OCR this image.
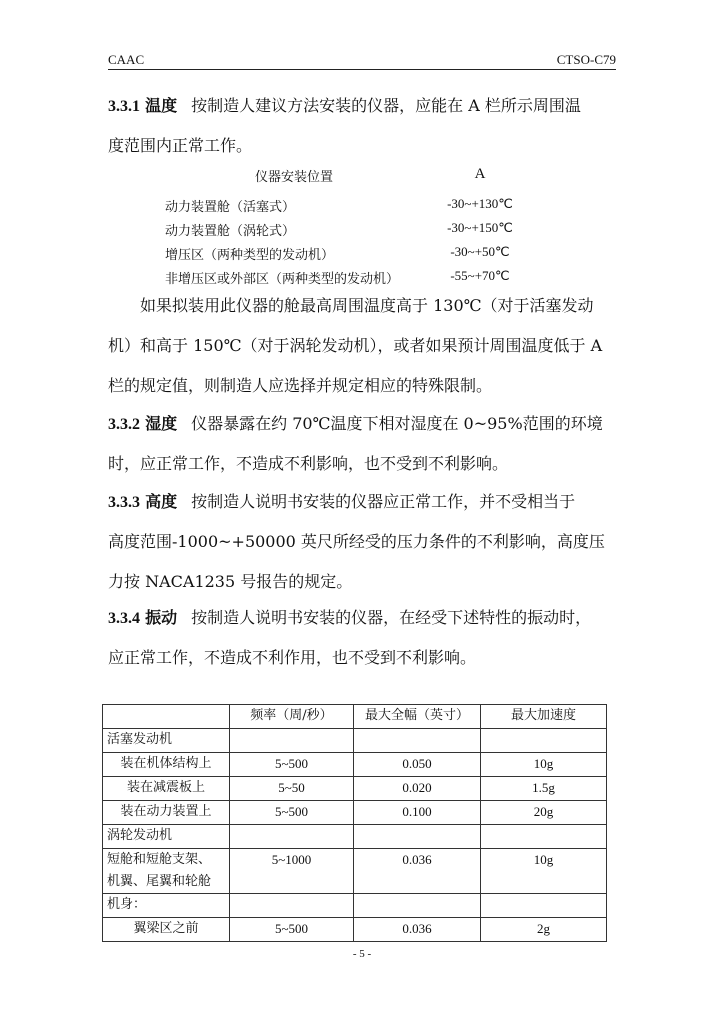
CAAC	CTSO-C79
3.3.1 温度 按制造人建议方法安装的仪器，应能在 A 栏所示周围温
度范围内正常工作。
仪器安装位置	A
动力装置舱（活塞式）	-30~+130℃
动力装置舱（涡轮式）	-30~+150℃
增压区（两种类型的发动机）	-30~+50℃
非增压区或外部区（两种类型的发动机）	-55~+70℃
如果拟装用此仪器的舱最高周围温度高于 130℃（对于活塞发动
机）和高于 150℃（对于涡轮发动机），或者如果预计周围温度低于 A
栏的规定值，则制造人应选择并规定相应的特殊限制。
3.3.2 湿度 仪器暴露在约 70℃温度下相对湿度在 0~95%范围的环境
时，应正常工作，不造成不利影响，也不受到不利影响。
3.3.3 高度 按制造人说明书安装的仪器应正常工作，并不受相当于
高度范围-1000~+50000 英尺所经受的压力条件的不利影响，高度压
力按 NACA1235 号报告的规定。
3.3.4 振动 按制造人说明书安装的仪器，在经受下述特性的振动时，
应正常工作，不造成不利作用，也不受到不利影响。
	频率（周/秒）	最大全幅（英寸）	最大加速度
活塞发动机			
装在机体结构上	5~500	0.050	10g
装在减震板上	5~50	0.020	1.5g
装在动力装置上	5~500	0.100	20g
涡轮发动机			

短舱和短舱支架、
机翼、尾翼和轮舱	5~1000	0.036	10g
机身：			
翼梁区之前	5~500	0.036	2g
- 5 -
